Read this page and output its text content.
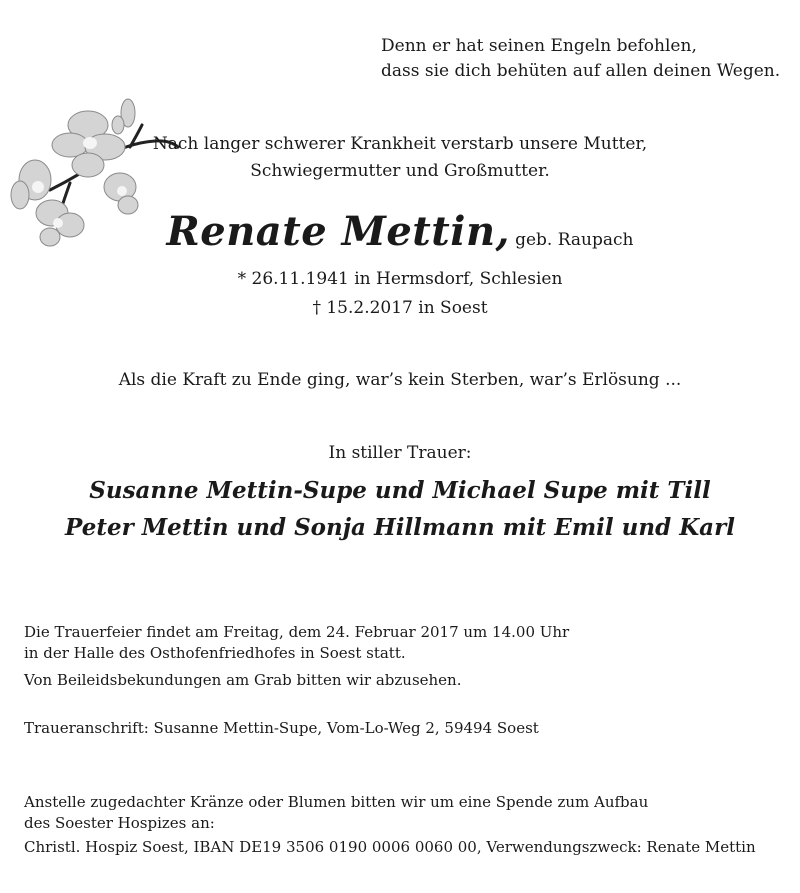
Denn er hat seinen Engeln befohlen,
dass sie dich behüten auf allen deinen Wegen.
Nach langer schwerer Krankheit verstarb unsere Mutter,
Schwiegermutter und Großmutter.
Renate Mettin, geb. Raupach
* 26.11.1941 in Hermsdorf, Schlesien
† 15.2.2017 in Soest
Als die Kraft zu Ende ging, war’s kein Sterben, war’s Erlösung ...
In stiller Trauer:
Susanne Mettin-Supe und Michael Supe mit Till
Peter Mettin und Sonja Hillmann mit Emil und Karl
Die Trauerfeier findet am Freitag, dem 24. Februar 2017 um 14.00 Uhr
in der Halle des Osthofenfriedhofes in Soest statt.
Von Beileidsbekundungen am Grab bitten wir abzusehen.
Traueranschrift: Susanne Mettin-Supe, Vom-Lo-Weg 2, 59494 Soest
Anstelle zugedachter Kränze oder Blumen bitten wir um eine Spende zum Aufbau
des Soester Hospizes an:
Christl. Hospiz Soest, IBAN DE19 3506 0190 0006 0060 00, Verwendungszweck: Renate Mettin
